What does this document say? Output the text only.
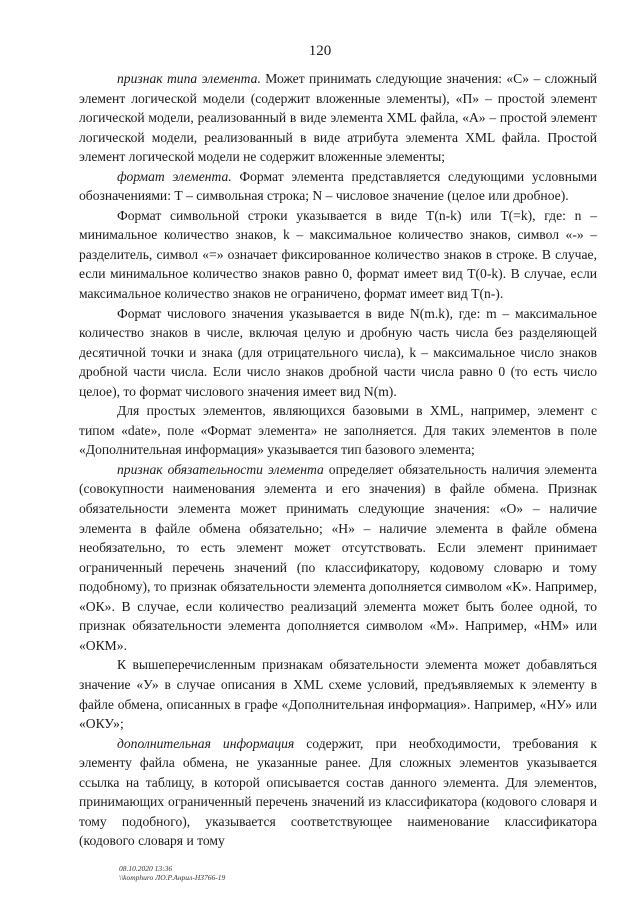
120

признак типа элемента. Может принимать следующие значения: «С» – сложный элемент логической модели (содержит вложенные элементы), «П» – простой элемент логической модели, реализованный в виде элемента XML файла, «А» – простой элемент логической модели, реализованный в виде атрибута элемента XML файла. Простой элемент логической модели не содержит вложенные элементы;

формат элемента. Формат элемента представляется следующими условными обозначениями: Т – символьная строка; N – числовое значение (целое или дробное).

Формат символьной строки указывается в виде T(n-k) или T(=k), где: n – минимальное количество знаков, k – максимальное количество знаков, символ «-» – разделитель, символ «=» означает фиксированное количество знаков в строке. В случае, если минимальное количество знаков равно 0, формат имеет вид T(0-k). В случае, если максимальное количество знаков не ограничено, формат имеет вид T(n-).

Формат числового значения указывается в виде N(m.k), где: m – максимальное количество знаков в числе, включая целую и дробную часть числа без разделяющей десятичной точки и знака (для отрицательного числа), k – максимальное число знаков дробной части числа. Если число знаков дробной части числа равно 0 (то есть число целое), то формат числового значения имеет вид N(m).

Для простых элементов, являющихся базовыми в XML, например, элемент с типом «date», поле «Формат элемента» не заполняется. Для таких элементов в поле «Дополнительная информация» указывается тип базового элемента;

признак обязательности элемента определяет обязательность наличия элемента (совокупности наименования элемента и его значения) в файле обмена. Признак обязательности элемента может принимать следующие значения: «О» – наличие элемента в файле обмена обязательно; «Н» – наличие элемента в файле обмена необязательно, то есть элемент может отсутствовать. Если элемент принимает ограниченный перечень значений (по классификатору, кодовому словарю и тому подобному), то признак обязательности элемента дополняется символом «К». Например, «ОК». В случае, если количество реализаций элемента может быть более одной, то признак обязательности элемента дополняется символом «М». Например, «НМ» или «ОКМ».

К вышеперечисленным признакам обязательности элемента может добавляться значение «У» в случае описания в XML схеме условий, предъявляемых к элементу в файле обмена, описанных в графе «Дополнительная информация». Например, «НУ» или «ОКУ»;

дополнительная информация содержит, при необходимости, требования к элементу файла обмена, не указанные ранее. Для сложных элементов указывается ссылка на таблицу, в которой описывается состав данного элемента. Для элементов, принимающих ограниченный перечень значений из классификатора (кодового словаря и тому подобного), указывается соответствующее наименование классификатора (кодового словаря и тому

08.10.2020 13:36
\\komphuro ЛО.Р.Анрил-НЗ766-19
